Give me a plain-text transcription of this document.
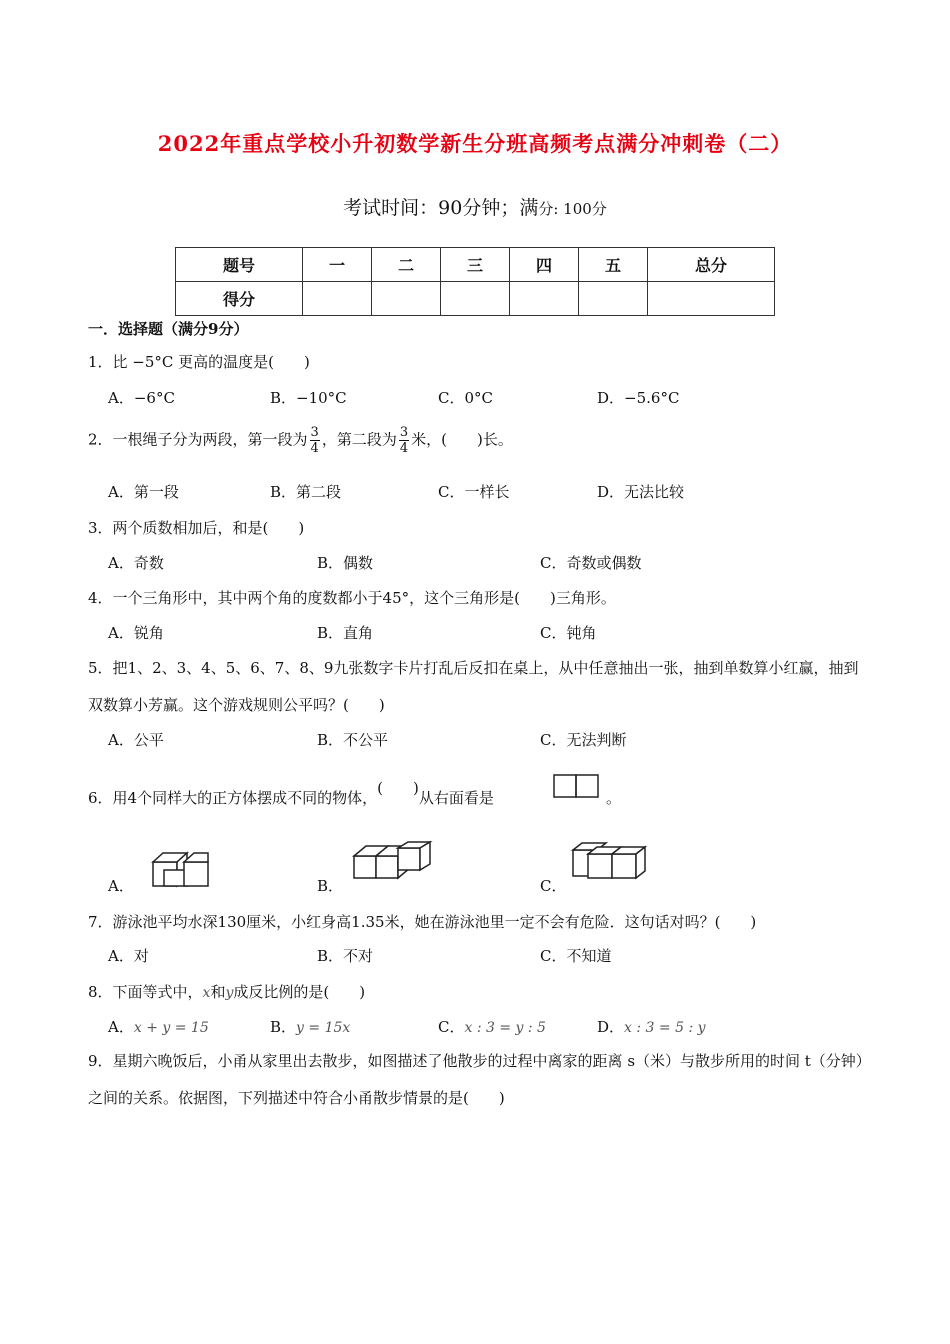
2022年重点学校小升初数学新生分班高频考点满分冲刺卷（二）
考试时间：90分钟；满分: 100分
题号	一	二	三	四	五	总分
得分						
一．选择题（满分9分）
1．比 −5°C 更高的温度是(　　)
A．−6°C	B．−10°C	C．0°C	D．−5.6°C
2．一根绳子分为两段，第一段为 $\frac{3}{4}$ ，第二段为 $\frac{3}{4}$ 米，(　　)长。
A．第一段	B．第二段	C．一样长	D．无法比较
3．两个质数相加后，和是(　　)
A．奇数	B．偶数	C．奇数或偶数
4．一个三角形中，其中两个角的度数都小于45°，这个三角形是(　　)三角形。
A．锐角	B．直角	C．钝角
5．把1、2、3、4、5、6、7、8、9九张数字卡片打乱后反扣在桌上，从中任意抽出一张，抽到单数算小红赢，抽到双数算小芳赢。这个游戏规则公平吗？(　　)
A．公平	B．不公平	C．无法判断
6．用4个同样大的正方体摆成不同的物体，(　　)从右面看是	。
A．	B．	C．
7．游泳池平均水深130厘米，小红身高1.35米，她在游泳池里一定不会有危险．这句话对吗？(　　)
A．对	B．不对	C．不知道
8．下面等式中，x和y成反比例的是(　　)
A．x + y = 15	B．y = 15x	C．x : 3 = y : 5	D．x : 3 = 5 : y
9．星期六晚饭后，小甬从家里出去散步，如图描述了他散步的过程中离家的距离 s（米）与散步所用的时间 t（分钟）之间的关系。依据图，下列描述中符合小甬散步情景的是(　　)
